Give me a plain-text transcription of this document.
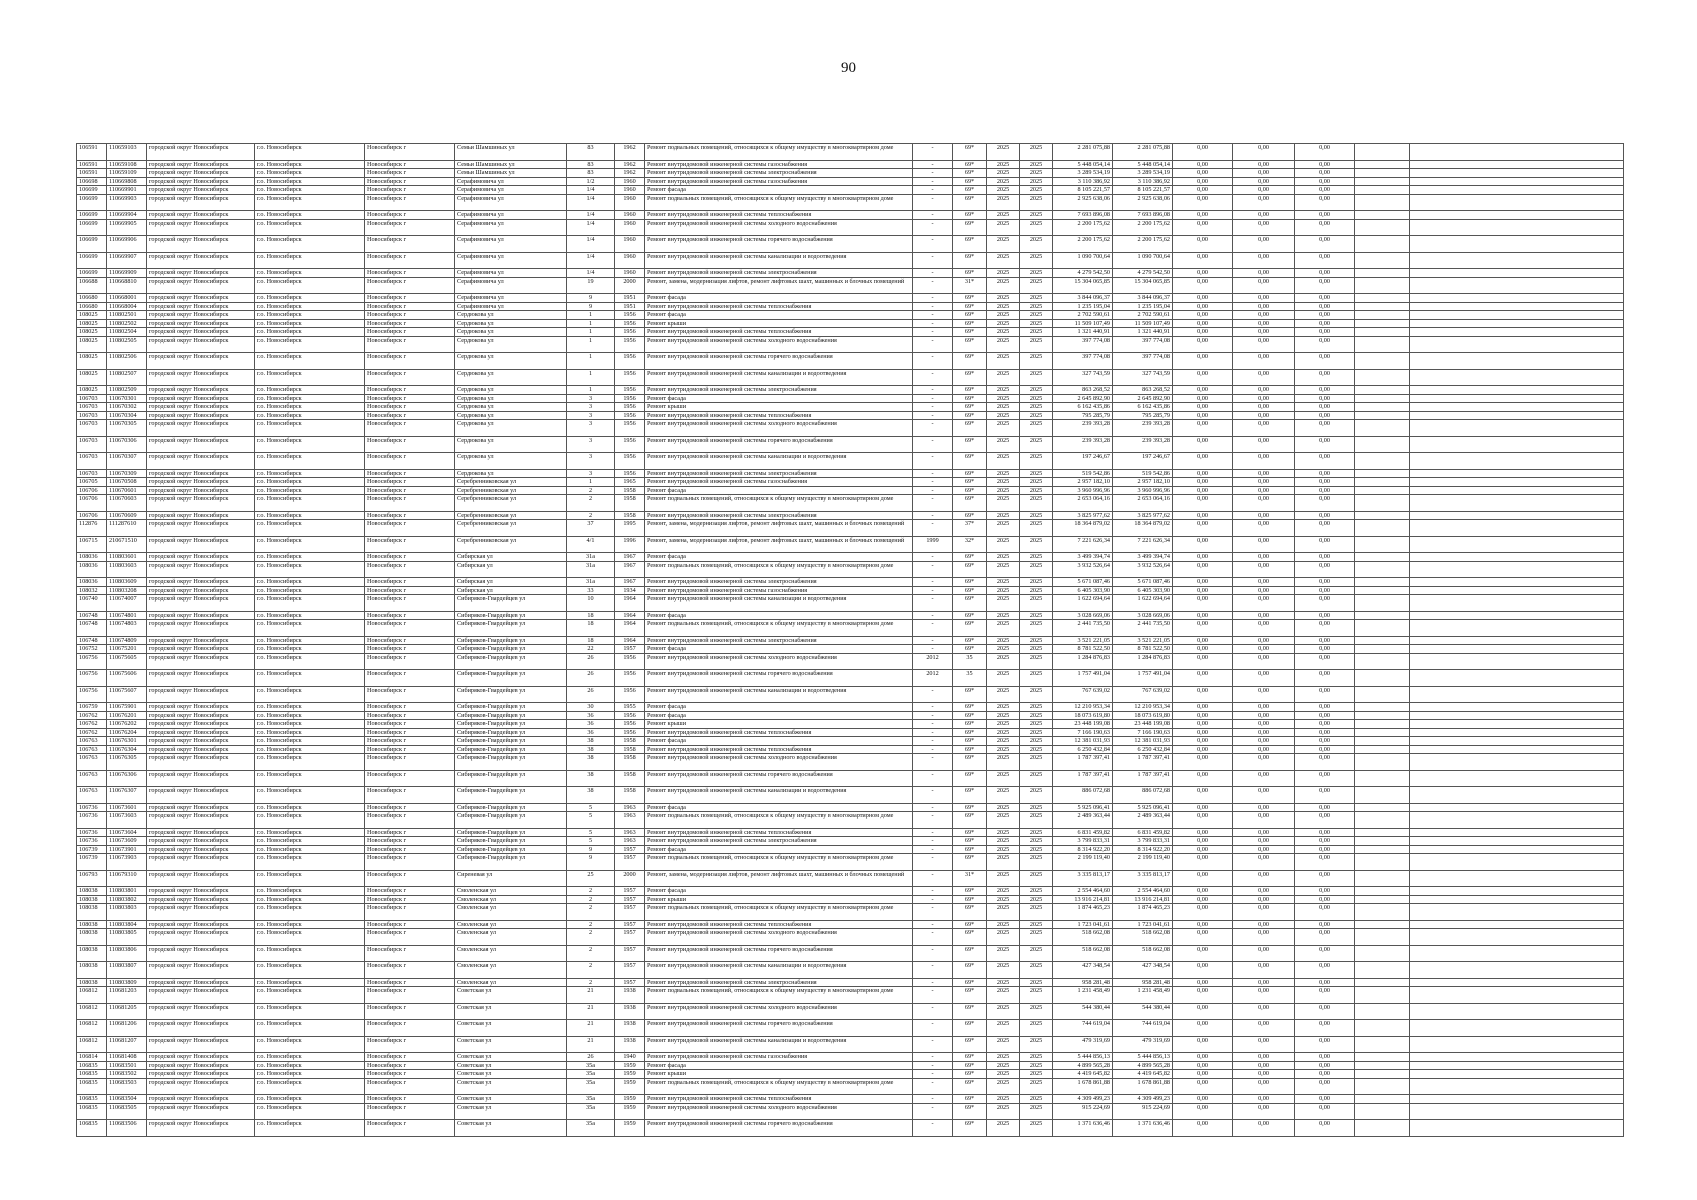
90
106591	110659103	городской округ Новосибирск	г.о. Новосибирск	Новосибирск г	Семьи Шамшиных ул	83	1962	Ремонт подвальных помещений, относящихся к общему имуществу в многоквартирном доме	-	69*	2025	2025	2 281 075,88	2 281 075,88	0,00	0,00	0,00		
106591	110659108	городской округ Новосибирск	г.о. Новосибирск	Новосибирск г	Семьи Шамшиных ул	83	1962	Ремонт внутридомовой инженерной системы газоснабжения	-	69*	2025	2025	5 448 054,14	5 448 054,14	0,00	0,00	0,00		
106591	110659109	городской округ Новосибирск	г.о. Новосибирск	Новосибирск г	Семьи Шамшиных ул	83	1962	Ремонт внутридомовой инженерной системы электроснабжения	-	69*	2025	2025	3 289 534,19	3 289 534,19	0,00	0,00	0,00		
106698	110669808	городской округ Новосибирск	г.о. Новосибирск	Новосибирск г	Серафимовича ул	1/2	1960	Ремонт внутридомовой инженерной системы газоснабжения	-	69*	2025	2025	3 110 386,92	3 110 386,92	0,00	0,00	0,00		
106699	110669901	городской округ Новосибирск	г.о. Новосибирск	Новосибирск г	Серафимовича ул	1/4	1960	Ремонт фасада	-	69*	2025	2025	8 105 221,57	8 105 221,57	0,00	0,00	0,00		
106699	110669903	городской округ Новосибирск	г.о. Новосибирск	Новосибирск г	Серафимовича ул	1/4	1960	Ремонт подвальных помещений, относящихся к общему имуществу в многоквартирном доме	-	69*	2025	2025	2 925 638,06	2 925 638,06	0,00	0,00	0,00		
106699	110669904	городской округ Новосибирск	г.о. Новосибирск	Новосибирск г	Серафимовича ул	1/4	1960	Ремонт внутридомовой инженерной системы теплоснабжения	-	69*	2025	2025	7 693 896,08	7 693 896,08	0,00	0,00	0,00		
106699	110669905	городской округ Новосибирск	г.о. Новосибирск	Новосибирск г	Серафимовича ул	1/4	1960	Ремонт внутридомовой инженерной системы холодного водоснабжения	-	69*	2025	2025	2 200 175,62	2 200 175,62	0,00	0,00	0,00		
106699	110669906	городской округ Новосибирск	г.о. Новосибирск	Новосибирск г	Серафимовича ул	1/4	1960	Ремонт внутридомовой инженерной системы горячего водоснабжения	-	69*	2025	2025	2 200 175,62	2 200 175,62	0,00	0,00	0,00		
106699	110669907	городской округ Новосибирск	г.о. Новосибирск	Новосибирск г	Серафимовича ул	1/4	1960	Ремонт внутридомовой инженерной системы канализации и водоотведения	-	69*	2025	2025	1 090 700,64	1 090 700,64	0,00	0,00	0,00		
106699	110669909	городской округ Новосибирск	г.о. Новосибирск	Новосибирск г	Серафимовича ул	1/4	1960	Ремонт внутридомовой инженерной системы электроснабжения	-	69*	2025	2025	4 279 542,50	4 279 542,50	0,00	0,00	0,00		
106688	110668810	городской округ Новосибирск	г.о. Новосибирск	Новосибирск г	Серафимовича ул	19	2000	Ремонт, замена, модернизация лифтов, ремонт лифтовых шахт, машинных и блочных помещений	-	31*	2025	2025	15 304 065,85	15 304 065,85	0,00	0,00	0,00		
106680	110668001	городской округ Новосибирск	г.о. Новосибирск	Новосибирск г	Серафимовича ул	9	1951	Ремонт фасада	-	69*	2025	2025	3 844 096,37	3 844 096,37	0,00	0,00	0,00		
106680	110668004	городской округ Новосибирск	г.о. Новосибирск	Новосибирск г	Серафимовича ул	9	1951	Ремонт внутридомовой инженерной системы теплоснабжения	-	69*	2025	2025	1 235 195,04	1 235 195,04	0,00	0,00	0,00		
108025	110802501	городской округ Новосибирск	г.о. Новосибирск	Новосибирск г	Сердюкова ул	1	1956	Ремонт фасада	-	69*	2025	2025	2 702 590,61	2 702 590,61	0,00	0,00	0,00		
108025	110802502	городской округ Новосибирск	г.о. Новосибирск	Новосибирск г	Сердюкова ул	1	1956	Ремонт крыши	-	69*	2025	2025	11 509 107,49	11 509 107,49	0,00	0,00	0,00		
108025	110802504	городской округ Новосибирск	г.о. Новосибирск	Новосибирск г	Сердюкова ул	1	1956	Ремонт внутридомовой инженерной системы теплоснабжения	-	69*	2025	2025	1 321 440,91	1 321 440,91	0,00	0,00	0,00		
108025	110802505	городской округ Новосибирск	г.о. Новосибирск	Новосибирск г	Сердюкова ул	1	1956	Ремонт внутридомовой инженерной системы холодного водоснабжения	-	69*	2025	2025	397 774,08	397 774,08	0,00	0,00	0,00		
108025	110802506	городской округ Новосибирск	г.о. Новосибирск	Новосибирск г	Сердюкова ул	1	1956	Ремонт внутридомовой инженерной системы горячего водоснабжения	-	69*	2025	2025	397 774,08	397 774,08	0,00	0,00	0,00		
108025	110802507	городской округ Новосибирск	г.о. Новосибирск	Новосибирск г	Сердюкова ул	1	1956	Ремонт внутридомовой инженерной системы канализации и водоотведения	-	69*	2025	2025	327 743,59	327 743,59	0,00	0,00	0,00		
108025	110802509	городской округ Новосибирск	г.о. Новосибирск	Новосибирск г	Сердюкова ул	1	1956	Ремонт внутридомовой инженерной системы электроснабжения	-	69*	2025	2025	863 268,52	863 268,52	0,00	0,00	0,00		
106703	110670301	городской округ Новосибирск	г.о. Новосибирск	Новосибирск г	Сердюкова ул	3	1956	Ремонт фасада	-	69*	2025	2025	2 645 892,90	2 645 892,90	0,00	0,00	0,00		
106703	110670302	городской округ Новосибирск	г.о. Новосибирск	Новосибирск г	Сердюкова ул	3	1956	Ремонт крыши	-	69*	2025	2025	6 162 435,86	6 162 435,86	0,00	0,00	0,00		
106703	110670304	городской округ Новосибирск	г.о. Новосибирск	Новосибирск г	Сердюкова ул	3	1956	Ремонт внутридомовой инженерной системы теплоснабжения	-	69*	2025	2025	795 285,79	795 285,79	0,00	0,00	0,00		
106703	110670305	городской округ Новосибирск	г.о. Новосибирск	Новосибирск г	Сердюкова ул	3	1956	Ремонт внутридомовой инженерной системы холодного водоснабжения	-	69*	2025	2025	239 393,28	239 393,28	0,00	0,00	0,00		
106703	110670306	городской округ Новосибирск	г.о. Новосибирск	Новосибирск г	Сердюкова ул	3	1956	Ремонт внутридомовой инженерной системы горячего водоснабжения	-	69*	2025	2025	239 393,28	239 393,28	0,00	0,00	0,00		
106703	110670307	городской округ Новосибирск	г.о. Новосибирск	Новосибирск г	Сердюкова ул	3	1956	Ремонт внутридомовой инженерной системы канализации и водоотведения	-	69*	2025	2025	197 246,67	197 246,67	0,00	0,00	0,00		
106703	110670309	городской округ Новосибирск	г.о. Новосибирск	Новосибирск г	Сердюкова ул	3	1956	Ремонт внутридомовой инженерной системы электроснабжения	-	69*	2025	2025	519 542,86	519 542,86	0,00	0,00	0,00		
106705	110670508	городской округ Новосибирск	г.о. Новосибирск	Новосибирск г	Серебренниковская ул	1	1965	Ремонт внутридомовой инженерной системы газоснабжения	-	69*	2025	2025	2 957 182,10	2 957 182,10	0,00	0,00	0,00		
106706	110670601	городской округ Новосибирск	г.о. Новосибирск	Новосибирск г	Серебренниковская ул	2	1958	Ремонт фасада	-	69*	2025	2025	3 960 996,96	3 960 996,96	0,00	0,00	0,00		
106706	110670603	городской округ Новосибирск	г.о. Новосибирск	Новосибирск г	Серебренниковская ул	2	1958	Ремонт подвальных помещений, относящихся к общему имуществу в многоквартирном доме	-	69*	2025	2025	2 653 064,16	2 653 064,16	0,00	0,00	0,00		
106706	110670609	городской округ Новосибирск	г.о. Новосибирск	Новосибирск г	Серебренниковская ул	2	1958	Ремонт внутридомовой инженерной системы электроснабжения	-	69*	2025	2025	3 825 977,62	3 825 977,62	0,00	0,00	0,00		
112876	111287610	городской округ Новосибирск	г.о. Новосибирск	Новосибирск г	Серебренниковская ул	37	1995	Ремонт, замена, модернизация лифтов, ремонт лифтовых шахт, машинных и блочных помещений	-	37*	2025	2025	18 364 879,02	18 364 879,02	0,00	0,00	0,00		
106715	210671510	городской округ Новосибирск	г.о. Новосибирск	Новосибирск г	Серебренниковская ул	4/1	1996	Ремонт, замена, модернизация лифтов, ремонт лифтовых шахт, машинных и блочных помещений	1999	32*	2025	2025	7 221 626,34	7 221 626,34	0,00	0,00	0,00		
108036	110803601	городской округ Новосибирск	г.о. Новосибирск	Новосибирск г	Сибирская ул	31а	1967	Ремонт фасада	-	69*	2025	2025	3 499 394,74	3 499 394,74	0,00	0,00	0,00		
108036	110803603	городской округ Новосибирск	г.о. Новосибирск	Новосибирск г	Сибирская ул	31а	1967	Ремонт подвальных помещений, относящихся к общему имуществу в многоквартирном доме	-	69*	2025	2025	3 932 526,64	3 932 526,64	0,00	0,00	0,00		
108036	110803609	городской округ Новосибирск	г.о. Новосибирск	Новосибирск г	Сибирская ул	31а	1967	Ремонт внутридомовой инженерной системы электроснабжения	-	69*	2025	2025	5 671 087,46	5 671 087,46	0,00	0,00	0,00		
108032	110803208	городской округ Новосибирск	г.о. Новосибирск	Новосибирск г	Сибирская ул	33	1934	Ремонт внутридомовой инженерной системы газоснабжения	-	69*	2025	2025	6 405 303,90	6 405 303,90	0,00	0,00	0,00		
106740	110674007	городской округ Новосибирск	г.о. Новосибирск	Новосибирск г	Сибиряков-Гвардейцев ул	10	1964	Ремонт внутридомовой инженерной системы канализации и водоотведения	-	69*	2025	2025	1 622 694,64	1 622 694,64	0,00	0,00	0,00		
106748	110674801	городской округ Новосибирск	г.о. Новосибирск	Новосибирск г	Сибиряков-Гвардейцев ул	18	1964	Ремонт фасада	-	69*	2025	2025	3 028 669,06	3 028 669,06	0,00	0,00	0,00		
106748	110674803	городской округ Новосибирск	г.о. Новосибирск	Новосибирск г	Сибиряков-Гвардейцев ул	18	1964	Ремонт подвальных помещений, относящихся к общему имуществу в многоквартирном доме	-	69*	2025	2025	2 441 735,50	2 441 735,50	0,00	0,00	0,00		
106748	110674809	городской округ Новосибирск	г.о. Новосибирск	Новосибирск г	Сибиряков-Гвардейцев ул	18	1964	Ремонт внутридомовой инженерной системы электроснабжения	-	69*	2025	2025	3 521 221,05	3 521 221,05	0,00	0,00	0,00		
106752	110675201	городской округ Новосибирск	г.о. Новосибирск	Новосибирск г	Сибиряков-Гвардейцев ул	22	1957	Ремонт фасада	-	69*	2025	2025	8 781 522,50	8 781 522,50	0,00	0,00	0,00		
106756	110675605	городской округ Новосибирск	г.о. Новосибирск	Новосибирск г	Сибиряков-Гвардейцев ул	26	1956	Ремонт внутридомовой инженерной системы холодного водоснабжения	2012	35	2025	2025	1 284 876,83	1 284 876,83	0,00	0,00	0,00		
106756	110675606	городской округ Новосибирск	г.о. Новосибирск	Новосибирск г	Сибиряков-Гвардейцев ул	26	1956	Ремонт внутридомовой инженерной системы горячего водоснабжения	2012	35	2025	2025	1 757 491,04	1 757 491,04	0,00	0,00	0,00		
106756	110675607	городской округ Новосибирск	г.о. Новосибирск	Новосибирск г	Сибиряков-Гвардейцев ул	26	1956	Ремонт внутридомовой инженерной системы канализации и водоотведения	-	69*	2025	2025	767 639,02	767 639,02	0,00	0,00	0,00		
106759	110675901	городской округ Новосибирск	г.о. Новосибирск	Новосибирск г	Сибиряков-Гвардейцев ул	30	1955	Ремонт фасада	-	69*	2025	2025	12 210 953,34	12 210 953,34	0,00	0,00	0,00		
106762	110676201	городской округ Новосибирск	г.о. Новосибирск	Новосибирск г	Сибиряков-Гвардейцев ул	36	1956	Ремонт фасада	-	69*	2025	2025	18 073 619,80	18 073 619,80	0,00	0,00	0,00		
106762	110676202	городской округ Новосибирск	г.о. Новосибирск	Новосибирск г	Сибиряков-Гвардейцев ул	36	1956	Ремонт крыши	-	69*	2025	2025	23 448 199,08	23 448 199,08	0,00	0,00	0,00		
106762	110676204	городской округ Новосибирск	г.о. Новосибирск	Новосибирск г	Сибиряков-Гвардейцев ул	36	1956	Ремонт внутридомовой инженерной системы теплоснабжения	-	69*	2025	2025	7 166 190,63	7 166 190,63	0,00	0,00	0,00		
106763	110676301	городской округ Новосибирск	г.о. Новосибирск	Новосибирск г	Сибиряков-Гвардейцев ул	38	1958	Ремонт фасада	-	69*	2025	2025	12 381 031,93	12 381 031,93	0,00	0,00	0,00		
106763	110676304	городской округ Новосибирск	г.о. Новосибирск	Новосибирск г	Сибиряков-Гвардейцев ул	38	1958	Ремонт внутридомовой инженерной системы теплоснабжения	-	69*	2025	2025	6 250 432,84	6 250 432,84	0,00	0,00	0,00		
106763	110676305	городской округ Новосибирск	г.о. Новосибирск	Новосибирск г	Сибиряков-Гвардейцев ул	38	1958	Ремонт внутридомовой инженерной системы холодного водоснабжения	-	69*	2025	2025	1 787 397,41	1 787 397,41	0,00	0,00	0,00		
106763	110676306	городской округ Новосибирск	г.о. Новосибирск	Новосибирск г	Сибиряков-Гвардейцев ул	38	1958	Ремонт внутридомовой инженерной системы горячего водоснабжения	-	69*	2025	2025	1 787 397,41	1 787 397,41	0,00	0,00	0,00		
106763	110676307	городской округ Новосибирск	г.о. Новосибирск	Новосибирск г	Сибиряков-Гвардейцев ул	38	1958	Ремонт внутридомовой инженерной системы канализации и водоотведения	-	69*	2025	2025	886 072,68	886 072,68	0,00	0,00	0,00		
106736	110673601	городской округ Новосибирск	г.о. Новосибирск	Новосибирск г	Сибиряков-Гвардейцев ул	5	1963	Ремонт фасада	-	69*	2025	2025	5 925 096,41	5 925 096,41	0,00	0,00	0,00		
106736	110673603	городской округ Новосибирск	г.о. Новосибирск	Новосибирск г	Сибиряков-Гвардейцев ул	5	1963	Ремонт подвальных помещений, относящихся к общему имуществу в многоквартирном доме	-	69*	2025	2025	2 489 363,44	2 489 363,44	0,00	0,00	0,00		
106736	110673604	городской округ Новосибирск	г.о. Новосибирск	Новосибирск г	Сибиряков-Гвардейцев ул	5	1963	Ремонт внутридомовой инженерной системы теплоснабжения	-	69*	2025	2025	6 831 459,82	6 831 459,82	0,00	0,00	0,00		
106736	110673609	городской округ Новосибирск	г.о. Новосибирск	Новосибирск г	Сибиряков-Гвардейцев ул	5	1963	Ремонт внутридомовой инженерной системы электроснабжения	-	69*	2025	2025	3 799 833,31	3 799 833,31	0,00	0,00	0,00		
106739	110673901	городской округ Новосибирск	г.о. Новосибирск	Новосибирск г	Сибиряков-Гвардейцев ул	9	1957	Ремонт фасада	-	69*	2025	2025	8 314 922,20	8 314 922,20	0,00	0,00	0,00		
106739	110673903	городской округ Новосибирск	г.о. Новосибирск	Новосибирск г	Сибиряков-Гвардейцев ул	9	1957	Ремонт подвальных помещений, относящихся к общему имуществу в многоквартирном доме	-	69*	2025	2025	2 199 119,40	2 199 119,40	0,00	0,00	0,00		
106793	110679310	городской округ Новосибирск	г.о. Новосибирск	Новосибирск г	Сиреневая ул	25	2000	Ремонт, замена, модернизация лифтов, ремонт лифтовых шахт, машинных и блочных помещений	-	31*	2025	2025	3 335 813,17	3 335 813,17	0,00	0,00	0,00		
108038	110803801	городской округ Новосибирск	г.о. Новосибирск	Новосибирск г	Смоленская ул	2	1957	Ремонт фасада	-	69*	2025	2025	2 554 464,60	2 554 464,60	0,00	0,00	0,00		
108038	110803802	городской округ Новосибирск	г.о. Новосибирск	Новосибирск г	Смоленская ул	2	1957	Ремонт крыши	-	69*	2025	2025	13 916 214,81	13 916 214,81	0,00	0,00	0,00		
108038	110803803	городской округ Новосибирск	г.о. Новосибирск	Новосибирск г	Смоленская ул	2	1957	Ремонт подвальных помещений, относящихся к общему имуществу в многоквартирном доме	-	69*	2025	2025	1 874 465,23	1 874 465,23	0,00	0,00	0,00		
108038	110803804	городской округ Новосибирск	г.о. Новосибирск	Новосибирск г	Смоленская ул	2	1957	Ремонт внутридомовой инженерной системы теплоснабжения	-	69*	2025	2025	1 723 041,61	1 723 041,61	0,00	0,00	0,00		
108038	110803805	городской округ Новосибирск	г.о. Новосибирск	Новосибирск г	Смоленская ул	2	1957	Ремонт внутридомовой инженерной системы холодного водоснабжения	-	69*	2025	2025	518 662,08	518 662,08	0,00	0,00	0,00		
108038	110803806	городской округ Новосибирск	г.о. Новосибирск	Новосибирск г	Смоленская ул	2	1957	Ремонт внутридомовой инженерной системы горячего водоснабжения	-	69*	2025	2025	518 662,08	518 662,08	0,00	0,00	0,00		
108038	110803807	городской округ Новосибирск	г.о. Новосибирск	Новосибирск г	Смоленская ул	2	1957	Ремонт внутридомовой инженерной системы канализации и водоотведения	-	69*	2025	2025	427 348,54	427 348,54	0,00	0,00	0,00		
108038	110803809	городской округ Новосибирск	г.о. Новосибирск	Новосибирск г	Смоленская ул	2	1957	Ремонт внутридомовой инженерной системы электроснабжения	-	69*	2025	2025	958 281,48	958 281,48	0,00	0,00	0,00		
106812	110681203	городской округ Новосибирск	г.о. Новосибирск	Новосибирск г	Советская ул	21	1938	Ремонт подвальных помещений, относящихся к общему имуществу в многоквартирном доме	-	69*	2025	2025	1 231 458,49	1 231 458,49	0,00	0,00	0,00		
106812	110681205	городской округ Новосибирск	г.о. Новосибирск	Новосибирск г	Советская ул	21	1938	Ремонт внутридомовой инженерной системы холодного водоснабжения	-	69*	2025	2025	544 380,44	544 380,44	0,00	0,00	0,00		
106812	110681206	городской округ Новосибирск	г.о. Новосибирск	Новосибирск г	Советская ул	21	1938	Ремонт внутридомовой инженерной системы горячего водоснабжения	-	69*	2025	2025	744 619,04	744 619,04	0,00	0,00	0,00		
106812	110681207	городской округ Новосибирск	г.о. Новосибирск	Новосибирск г	Советская ул	21	1938	Ремонт внутридомовой инженерной системы канализации и водоотведения	-	69*	2025	2025	479 319,69	479 319,69	0,00	0,00	0,00		
106814	110681408	городской округ Новосибирск	г.о. Новосибирск	Новосибирск г	Советская ул	26	1940	Ремонт внутридомовой инженерной системы газоснабжения	-	69*	2025	2025	5 444 856,13	5 444 856,13	0,00	0,00	0,00		
106835	110683501	городской округ Новосибирск	г.о. Новосибирск	Новосибирск г	Советская ул	35а	1959	Ремонт фасада	-	69*	2025	2025	4 899 565,28	4 899 565,28	0,00	0,00	0,00		
106835	110683502	городской округ Новосибирск	г.о. Новосибирск	Новосибирск г	Советская ул	35а	1959	Ремонт крыши	-	69*	2025	2025	4 419 645,82	4 419 645,82	0,00	0,00	0,00		
106835	110683503	городской округ Новосибирск	г.о. Новосибирск	Новосибирск г	Советская ул	35а	1959	Ремонт подвальных помещений, относящихся к общему имуществу в многоквартирном доме	-	69*	2025	2025	1 678 861,88	1 678 861,88	0,00	0,00	0,00		
106835	110683504	городской округ Новосибирск	г.о. Новосибирск	Новосибирск г	Советская ул	35а	1959	Ремонт внутридомовой инженерной системы теплоснабжения	-	69*	2025	2025	4 309 499,23	4 309 499,23	0,00	0,00	0,00		
106835	110683505	городской округ Новосибирск	г.о. Новосибирск	Новосибирск г	Советская ул	35а	1959	Ремонт внутридомовой инженерной системы холодного водоснабжения	-	69*	2025	2025	915 224,69	915 224,69	0,00	0,00	0,00		
106835	110683506	городской округ Новосибирск	г.о. Новосибирск	Новосибирск г	Советская ул	35а	1959	Ремонт внутридомовой инженерной системы горячего водоснабжения	-	69*	2025	2025	1 371 636,46	1 371 636,46	0,00	0,00	0,00		
